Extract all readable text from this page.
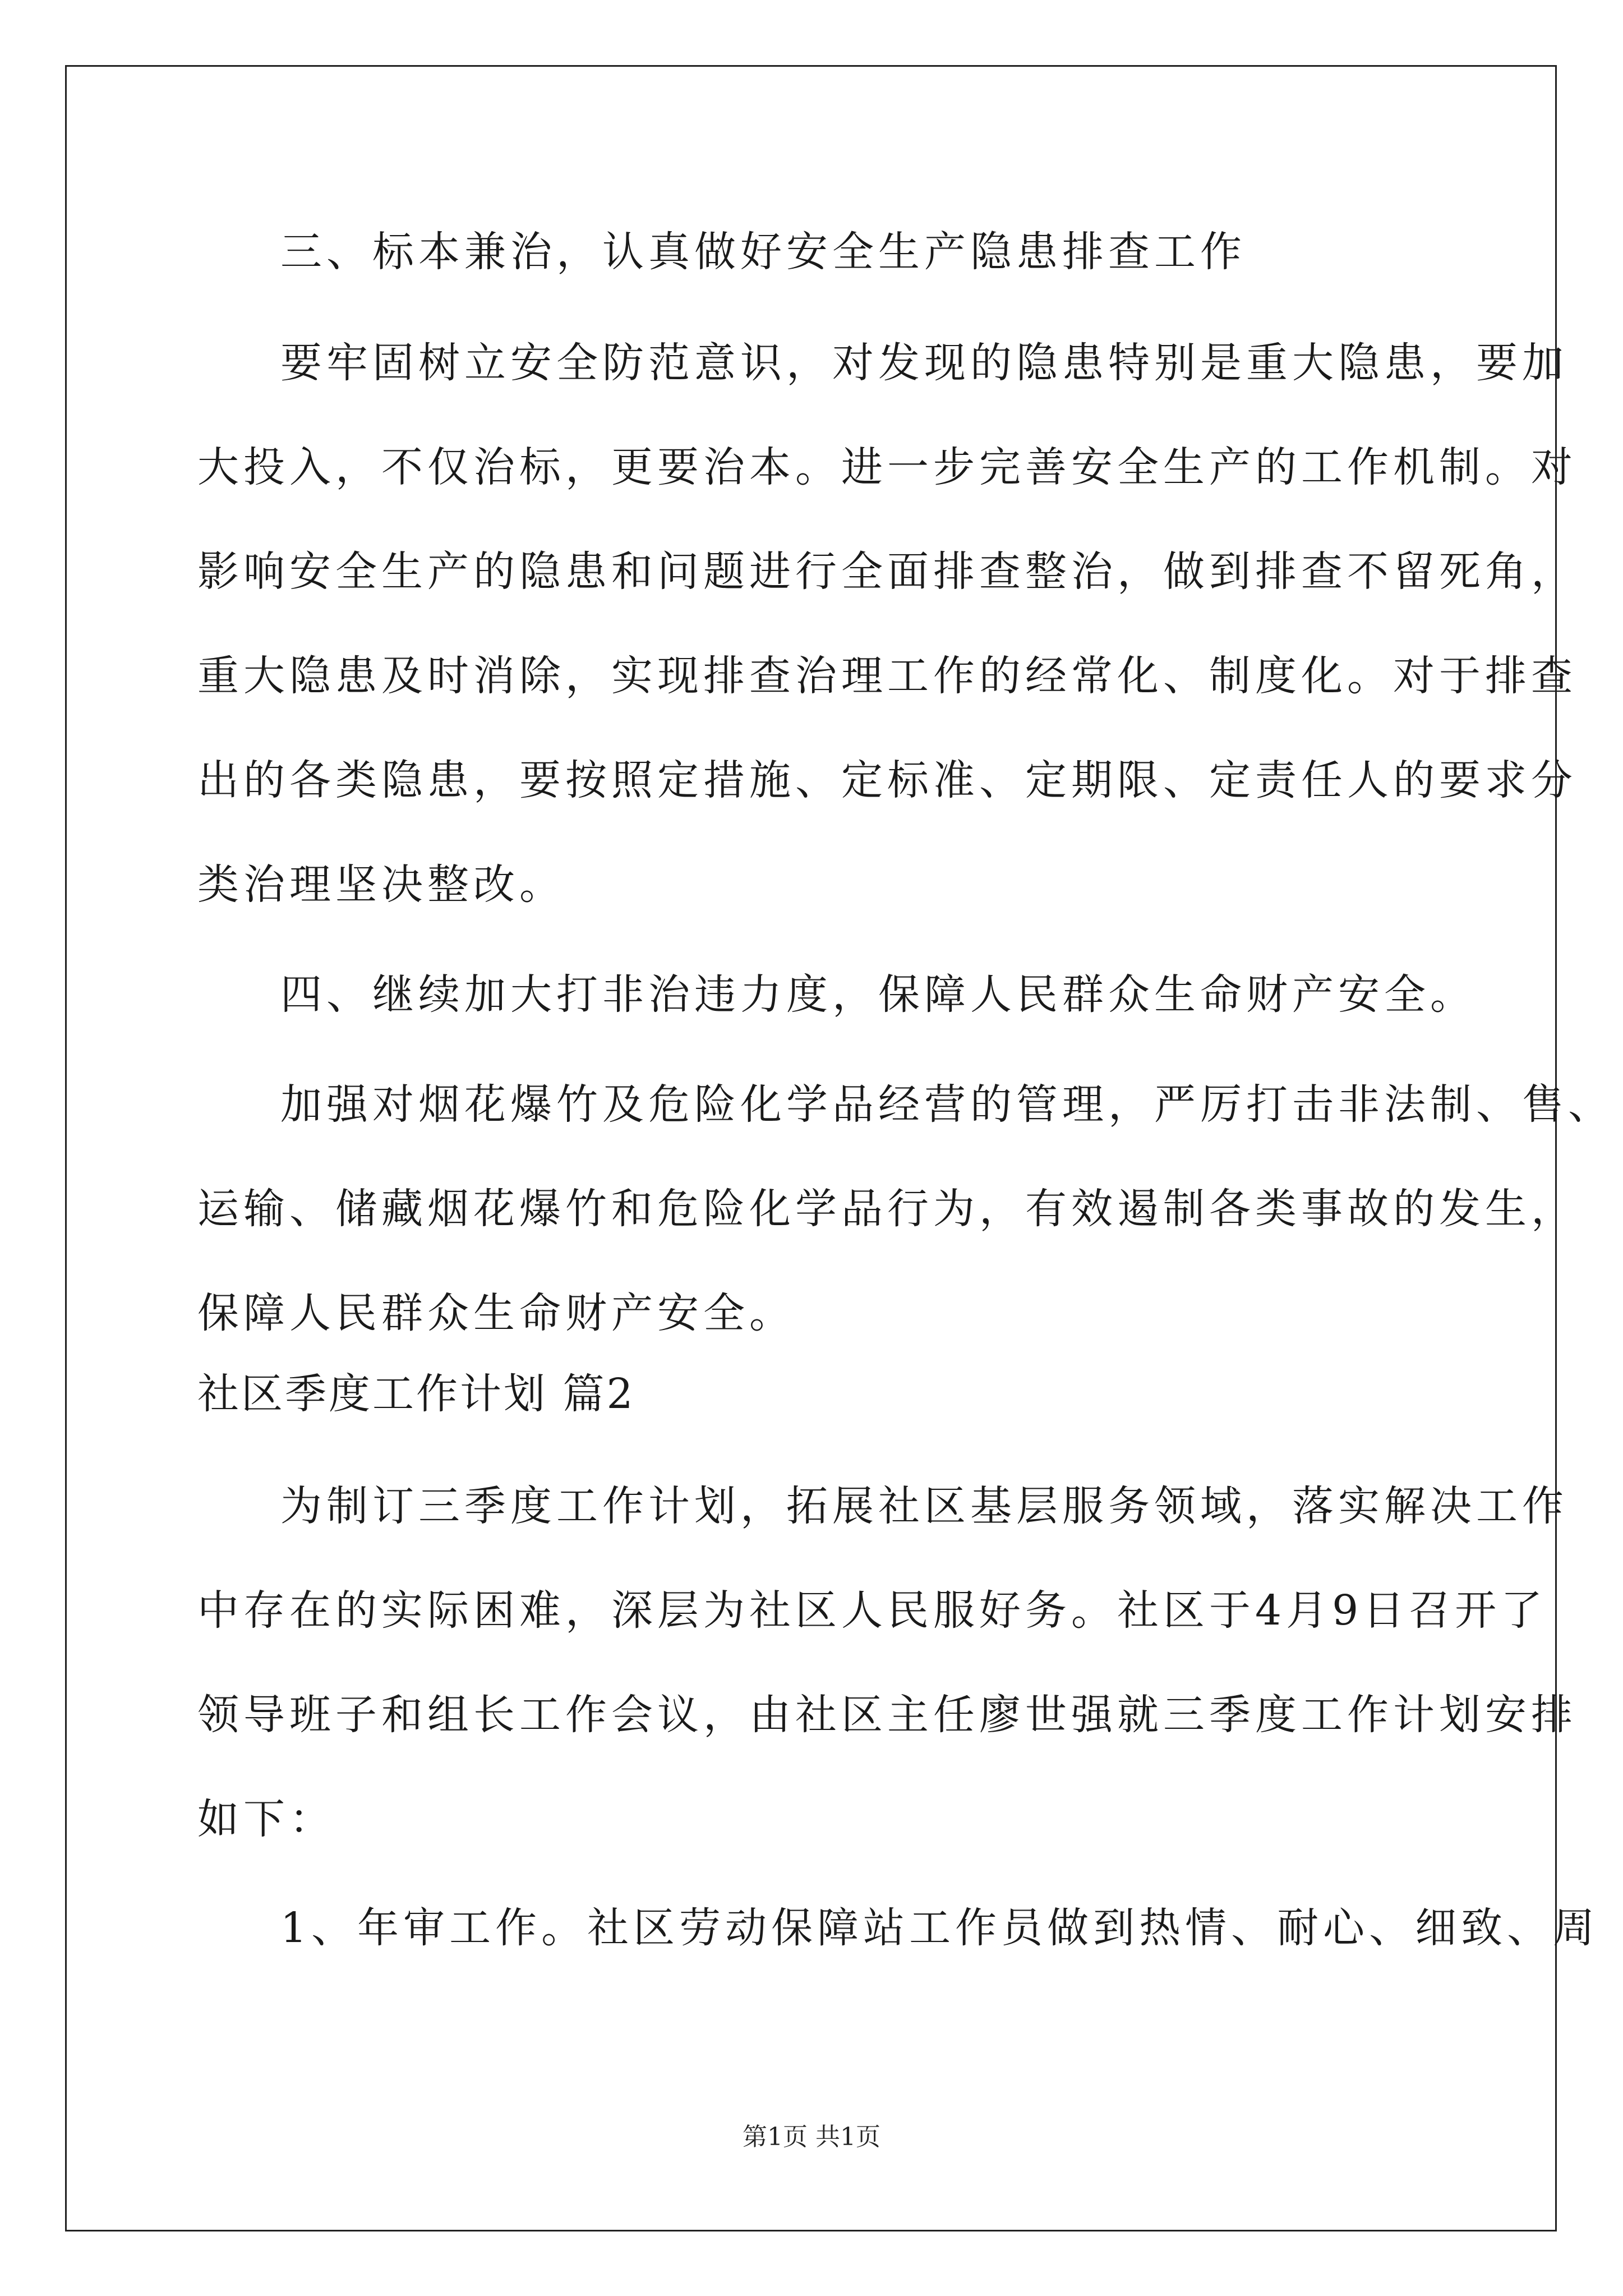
三、标本兼治，认真做好安全生产隐患排查工作
要牢固树立安全防范意识，对发现的隐患特别是重大隐患，要加
大投入，不仅治标，更要治本。进一步完善安全生产的工作机制。对
影响安全生产的隐患和问题进行全面排查整治，做到排查不留死角，
重大隐患及时消除，实现排查治理工作的经常化、制度化。对于排查
出的各类隐患，要按照定措施、定标准、定期限、定责任人的要求分
类治理坚决整改。
四、继续加大打非治违力度，保障人民群众生命财产安全。
加强对烟花爆竹及危险化学品经营的管理，严厉打击非法制、售、
运输、储藏烟花爆竹和危险化学品行为，有效遏制各类事故的发生，
保障人民群众生命财产安全。
社区季度工作计划 篇2
为制订三季度工作计划，拓展社区基层服务领域，落实解决工作
中存在的实际困难，深层为社区人民服好务。社区于4月9日召开了
领导班子和组长工作会议，由社区主任廖世强就三季度工作计划安排
如下：
1、年审工作。社区劳动保障站工作员做到热情、耐心、细致、周
第1页 共1页
